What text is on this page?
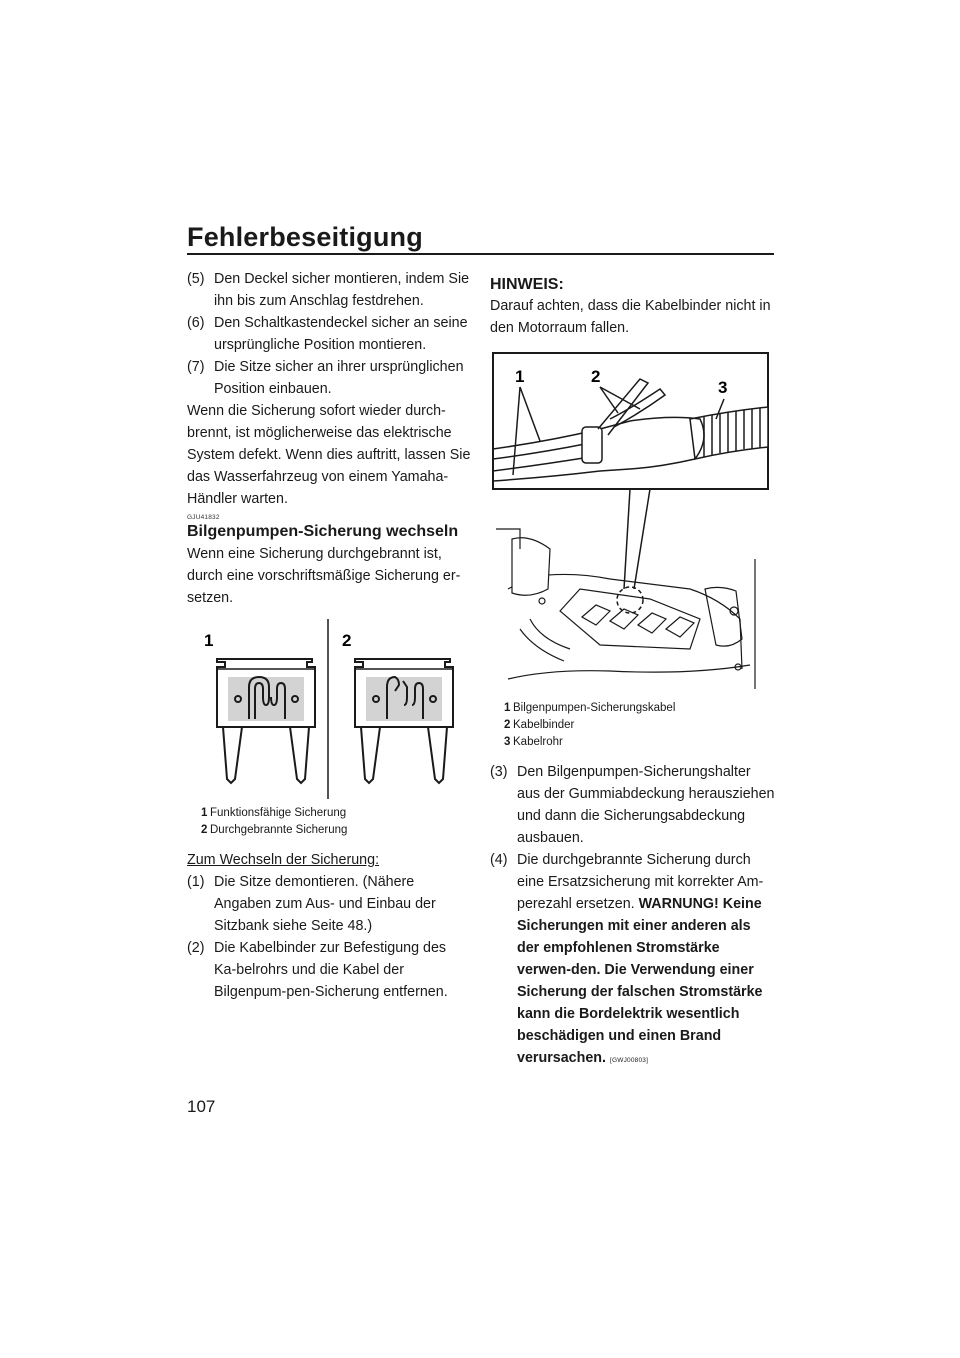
Fehlerbeseitigung
(5) Den Deckel sicher montieren, indem Sie ihn bis zum Anschlag festdrehen.
(6) Den Schaltkastendeckel sicher an seine ursprüngliche Position montieren.
(7) Die Sitze sicher an ihrer ursprünglichen Position einbauen.

Wenn die Sicherung sofort wieder durch-brennt, ist möglicherweise das elektrische System defekt. Wenn dies auftritt, lassen Sie das Wasserfahrzeug von einem Yamaha-Händler warten.

GJU41832
Bilgenpumpen-Sicherung wechseln

Wenn eine Sicherung durchgebrannt ist, durch eine vorschriftsmäßige Sicherung er-setzen.

1	2
1 Funktionsfähige Sicherung
2 Durchgebrannte Sicherung

Zum Wechseln der Sicherung:

(1) Die Sitze demontieren. (Nähere Angaben zum Aus- und Einbau der Sitzbank siehe Seite 48.)
(2) Die Kabelbinder zur Befestigung des Ka-belrohrs und die Kabel der Bilgenpum-pen-Sicherung entfernen.
HINWEIS:

Darauf achten, dass die Kabelbinder nicht in den Motorraum fallen.

1	2
3
1 Bilgenpumpen-Sicherungskabel
2 Kabelbinder
3 Kabelrohr
(3) Den Bilgenpumpen-Sicherungshalter aus der Gummiabdeckung herausziehen und dann die Sicherungsabdeckung ausbauen.
(4) Die durchgebrannte Sicherung durch eine Ersatzsicherung mit korrekter Am-perezahl ersetzen. WARNUNG! Keine Sicherungen mit einer anderen als der empfohlenen Stromstärke verwen-den. Die Verwendung einer Sicherung der falschen Stromstärke kann die Bordelektrik wesentlich beschädigen und einen Brand verursachen. [GWJ00803]
107
